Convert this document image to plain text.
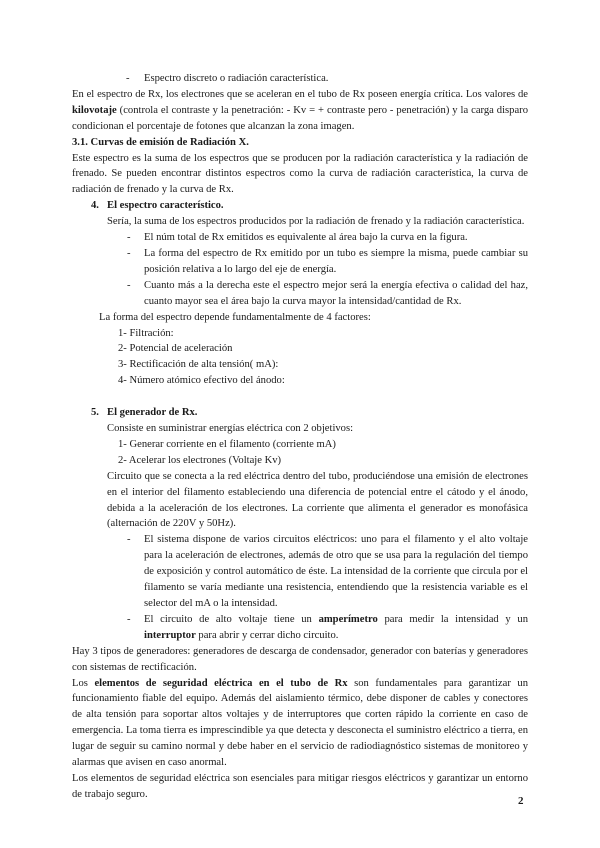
- Espectro discreto o radiación característica.

En el espectro de Rx, los electrones que se aceleran en el tubo de Rx poseen energía crítica. Los valores de kilovotaje (controla el contraste y la penetración: - Kv = + contraste pero - penetración) y la carga disparo condicionan el porcentaje de fotones que alcanzan la zona imagen.

3.1. Curvas de emisión de Radiación X.

Este espectro es la suma de los espectros que se producen por la radiación característica y la radiación de frenado. Se pueden encontrar distintos espectros como la curva de radiación característica, la curva de radiación de frenado y la curva de Rx.

4. El espectro característico.

Sería, la suma de los espectros producidos por la radiación de frenado y la radiación característica.

- El núm total de Rx emitidos es equivalente al área bajo la curva en la figura.

- La forma del espectro de Rx emitido por un tubo es siempre la misma, puede cambiar su posición relativa a lo largo del eje de energía.

- Cuanto más a la derecha este el espectro mejor será la energía efectiva o calidad del haz, cuanto mayor sea el área bajo la curva mayor la intensidad/cantidad de Rx.

La forma del espectro depende fundamentalmente de 4 factores:

1- Filtración:

2- Potencial de aceleración

3- Rectificación de alta tensión( mA):

4- Número atómico efectivo del ánodo:

5. El generador de Rx.

Consiste en suministrar energías eléctrica con 2 objetivos:

1- Generar corriente en el filamento (corriente mA)

2- Acelerar los electrones (Voltaje Kv)

Circuito que se conecta a la red eléctrica dentro del tubo, produciéndose una emisión de electrones en el interior del filamento estableciendo una diferencia de potencial entre el cátodo y el ánodo, debida a la aceleración de los electrones. La corriente que alimenta el generador es monofásica (alternación de 220V y 50Hz).

- El sistema dispone de varios circuitos eléctricos: uno para el filamento y el alto voltaje para la aceleración de electrones, además de otro que se usa para la regulación del tiempo de exposición y control automático de éste. La intensidad de la corriente que circula por el filamento se varía mediante una resistencia, entendiendo que la resistencia variable es el selector del mA o la intensidad.

- El circuito de alto voltaje tiene un amperímetro para medir la intensidad y un interruptor para abrir y cerrar dicho circuito.

Hay 3 tipos de generadores: generadores de descarga de condensador, generador con baterías y generadores con sistemas de rectificación.

Los elementos de seguridad eléctrica en el tubo de Rx son fundamentales para garantizar un funcionamiento fiable del equipo. Además del aislamiento térmico, debe disponer de cables y conectores de alta tensión para soportar altos voltajes y de interruptores que corten rápido la corriente en caso de emergencia. La toma tierra es imprescindible ya que detecta y desconecta el suministro eléctrico a tierra, en lugar de seguir su camino normal y debe haber en el servicio de radiodiagnóstico sistemas de monitoreo y alarmas que avisen en caso anormal.

Los elementos de seguridad eléctrica son esenciales para mitigar riesgos eléctricos y garantizar un entorno de trabajo seguro.

2
